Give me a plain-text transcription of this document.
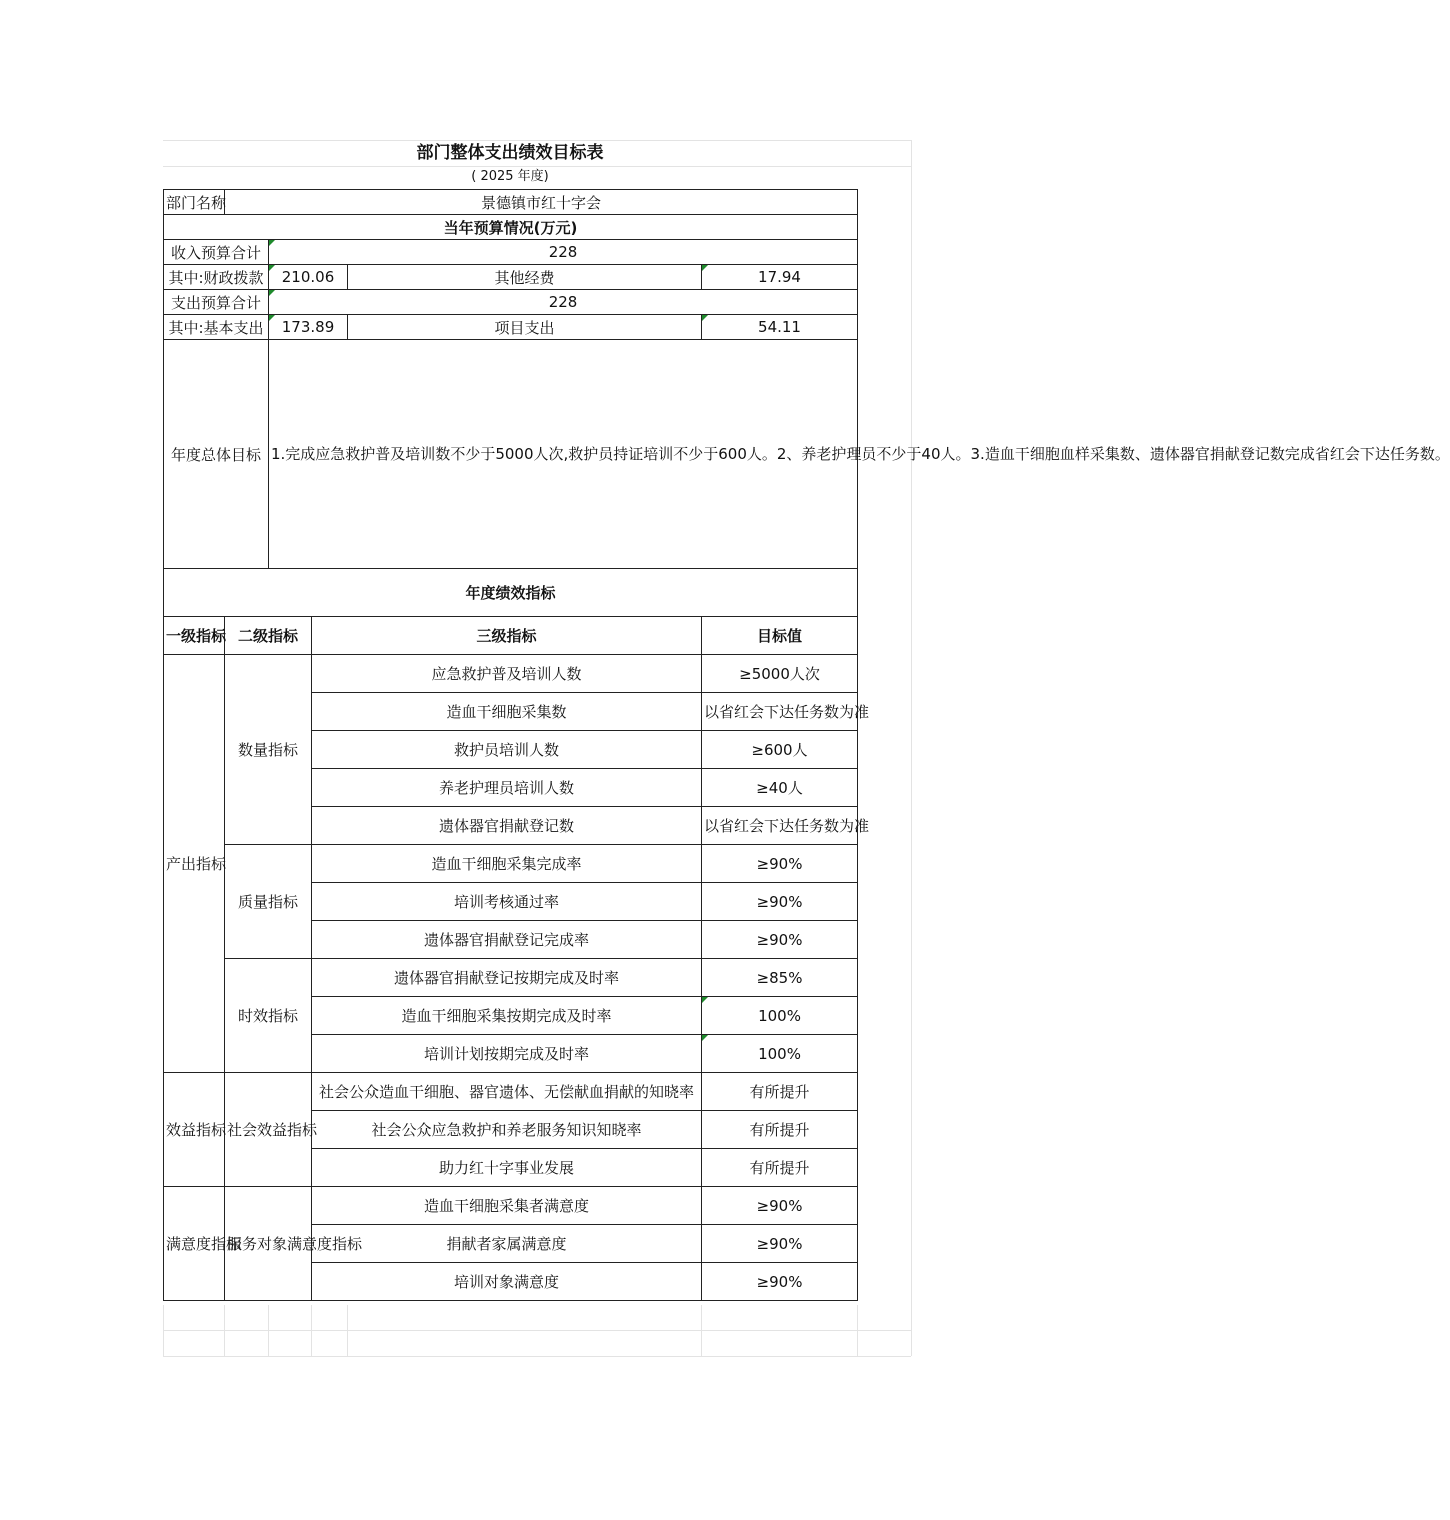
部门整体支出绩效目标表
( 2025 年度)
部门名称	景德镇市红十字会				
当年预算情况(万元)					
收入预算合计		228			
其中:财政拨款		210.06		其他经费	17.94
支出预算合计		228			
其中:基本支出		173.89		项目支出	54.11
年度总体目标		1.完成应急救护普及培训数不少于5000人次,救护员持证培训不少于600人。2、养老护理员不少于40人。3.造血干细胞血样采集数、遗体器官捐献登记数完成省红会下达任务数。			
年度绩效指标					
一级指标	二级指标		三级指标		目标值
产出指标	数量指标		应急救护普及培训人数		≥5000人次
			造血干细胞采集数		以省红会下达任务数为准
			救护员培训人数		≥600人
			养老护理员培训人数		≥40人
			遗体器官捐献登记数		以省红会下达任务数为准
	质量指标		造血干细胞采集完成率		≥90%
			培训考核通过率		≥90%
			遗体器官捐献登记完成率		≥90%
	时效指标		遗体器官捐献登记按期完成及时率		≥85%
			造血干细胞采集按期完成及时率		100%
			培训计划按期完成及时率		100%
效益指标	社会效益指标		社会公众造血干细胞、器官遗体、无偿献血捐献的知晓率		有所提升
			社会公众应急救护和养老服务知识知晓率		有所提升
			助力红十字事业发展		有所提升
满意度指标	服务对象满意度指标		造血干细胞采集者满意度		≥90%
			捐献者家属满意度		≥90%
			培训对象满意度		≥90%
